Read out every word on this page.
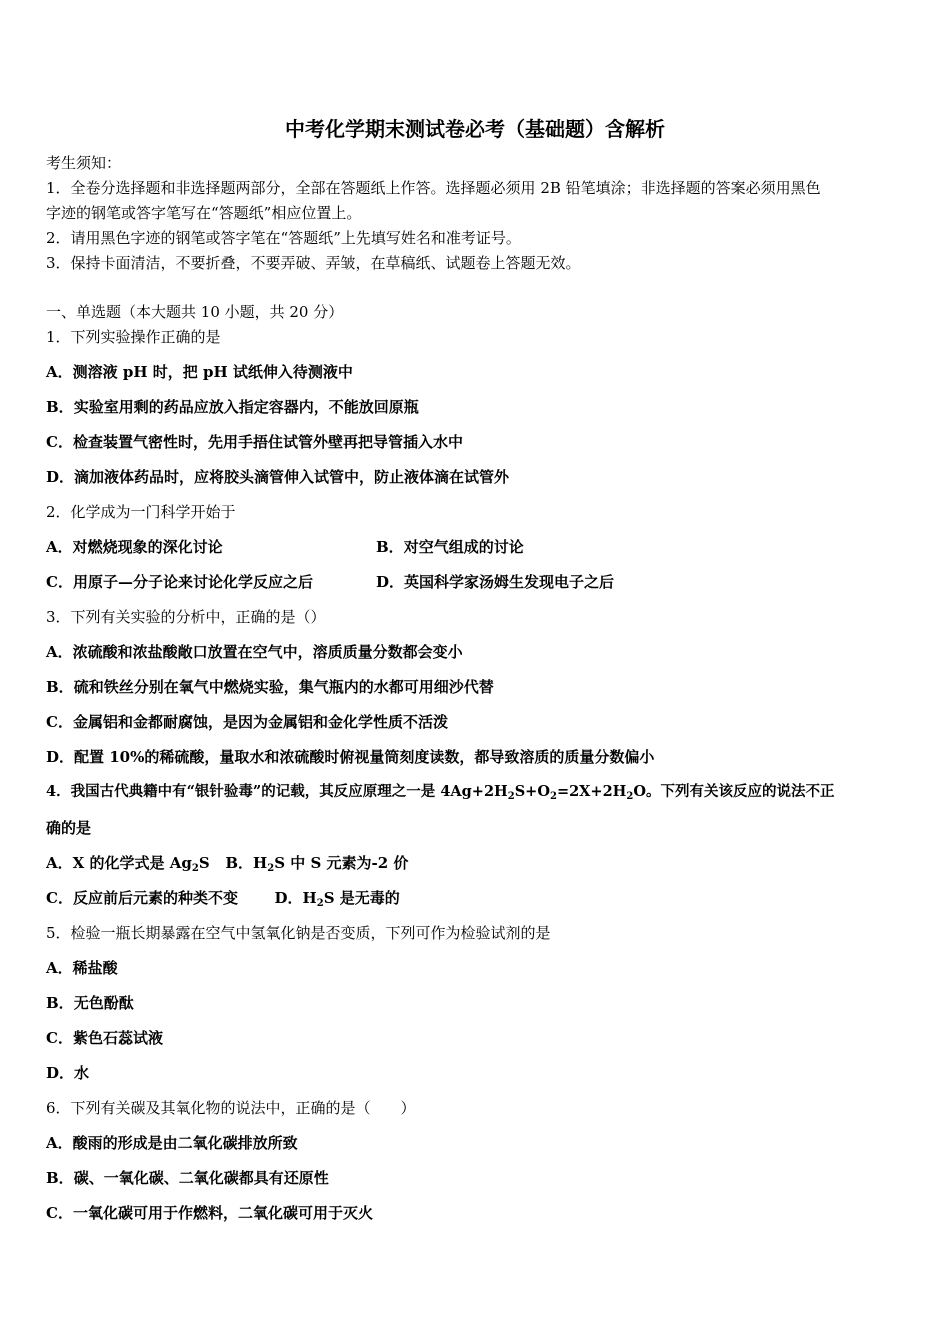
中考化学期末测试卷必考（基础题）含解析
考生须知：
1．全卷分选择题和非选择题两部分，全部在答题纸上作答。选择题必须用 2B 铅笔填涂；非选择题的答案必须用黑色
字迹的钢笔或答字笔写在“答题纸”相应位置上。
2．请用黑色字迹的钢笔或答字笔在“答题纸”上先填写姓名和准考证号。
3．保持卡面清洁，不要折叠，不要弄破、弄皱，在草稿纸、试题卷上答题无效。
一、单选题（本大题共 10 小题，共 20 分）
1．下列实验操作正确的是
A．测溶液 pH 时，把 pH 试纸伸入待测液中
B．实验室用剩的药品应放入指定容器内，不能放回原瓶
C．检查装置气密性时，先用手捂住试管外壁再把导管插入水中
D．滴加液体药品时，应将胶头滴管伸入试管中，防止液体滴在试管外
2．化学成为一门科学开始于
A．对燃烧现象的深化讨论	B．对空气组成的讨论
C．用原子—分子论来讨论化学反应之后	D．英国科学家汤姆生发现电子之后
3．下列有关实验的分析中，正确的是（）
A．浓硫酸和浓盐酸敞口放置在空气中，溶质质量分数都会变小
B．硫和铁丝分别在氧气中燃烧实验，集气瓶内的水都可用细沙代替
C．金属铝和金都耐腐蚀，是因为金属铝和金化学性质不活泼
D．配置 10%的稀硫酸，量取水和浓硫酸时俯视量筒刻度读数，都导致溶质的质量分数偏小
4．我国古代典籍中有“银针验毒”的记载，其反应原理之一是 $4Ag+2H_2S+O_2=2X+2H_2O$。下列有关该反应的说法不正
确的是
A．X 的化学式是 $Ag_2S$ B．$H_2S$ 中 S 元素为-2 价
C．反应前后元素的种类不变 D．$H_2S$ 是无毒的
5．检验一瓶长期暴露在空气中氢氧化钠是否变质，下列可作为检验试剂的是
A．稀盐酸
B．无色酚酞
C．紫色石蕊试液
D．水
6．下列有关碳及其氧化物的说法中，正确的是（　　）
A．酸雨的形成是由二氧化碳排放所致
B．碳、一氧化碳、二氧化碳都具有还原性
C．一氧化碳可用于作燃料，二氧化碳可用于灭火
